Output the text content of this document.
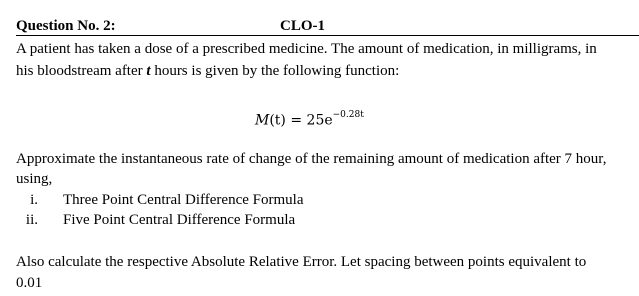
Question No. 2:	CLO-1
A patient has taken a dose of a prescribed medicine. The amount of medication, in milligrams, in
his bloodstream after t hours is given by the following function:
$M(t) = 25e^{-0.28t}$
Approximate the instantaneous rate of change of the remaining amount of medication after 7 hour,
using,
i. Three Point Central Difference Formula
ii. Five Point Central Difference Formula
Also calculate the respective Absolute Relative Error. Let spacing between points equivalent to
0.01
